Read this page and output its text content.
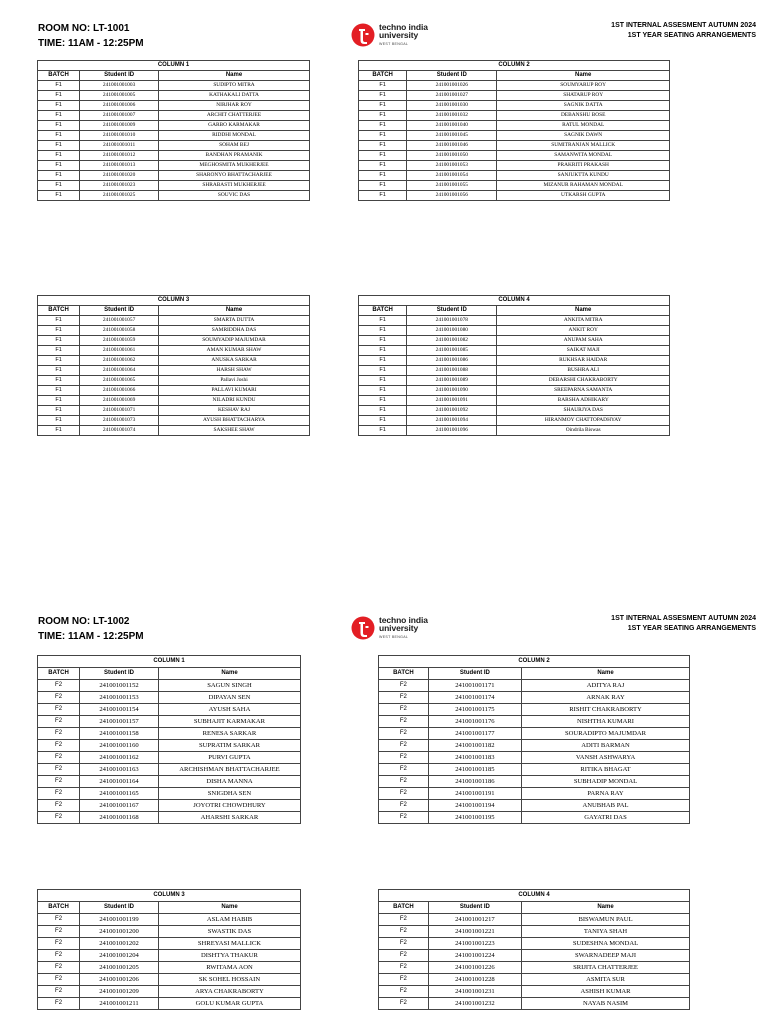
ROOM NO: LT-1001
TIME: 11AM - 12:25PM
techno india
university
WEST BENGAL
1ST INTERNAL ASSESMENT AUTUMN 2024
1ST YEAR SEATING ARRANGEMENTS
COLUMN 1		
BATCH	Student ID	Name
F1	241001001003	SUDIPTO MITRA
F1	241001001005	KATHAKALI DATTA
F1	241001001006	NIRJHAR ROY
F1	241001001007	ARCHIT CHATTERJEE
F1	241001001009	GARBO KARMAKAR
F1	241001001010	RIDDHI MONDAL
F1	241001001011	SOHAM BEJ
F1	241001001012	BANDHAN PRAMANIK
F1	241001001013	MEGHOSMITA MUKHERJEE
F1	241001001020	SHARONYO BHATTACHARJEE
F1	241001001023	SHRABASTI MUKHERJEE
F1	241001001025	SOUVIC DAS
COLUMN 2		
BATCH	Student ID	Name
F1	241001001026	SOUMYARUP ROY
F1	241001001027	SHATARUP ROY
F1	241001001030	SAGNIK DATTA
F1	241001001032	DEBANSHU BOSE
F1	241001001040	RATUL MONDAL
F1	241001001045	SAGNIK DAWN
F1	241001001046	SUMITRANJAN MALLICK
F1	241001001050	SAMANWITA MONDAL
F1	241001001053	PRAKRITI PRAKASH
F1	241001001054	SANJUKTTA KUNDU
F1	241001001055	MIZANUR RAHAMAN MONDAL
F1	241001001056	UTKARSH GUPTA
COLUMN 3		
BATCH	Student ID	Name
F1	241001001057	SMARTA DUTTA
F1	241001001058	SAMRIDDHA DAS
F1	241001001059	SOUMYADIP MAJUMDAR
F1	241001001061	AMAN KUMAR SHAW
F1	241001001062	ANUSKA SARKAR
F1	241001001064	HARSH SHAW
F1	241001001065	Pallavi Joshi
F1	241001001066	PALLAVI KUMARI
F1	241001001069	NILADRI KUNDU
F1	241001001071	KESHAV RAJ
F1	241001001073	AYUSH BHATTACHARYA
F1	241001001074	SAKSHEE SHAW
COLUMN 4		
BATCH	Student ID	Name
F1	241001001078	ANKITA MITRA
F1	241001001080	ANKIT ROY
F1	241001001082	ANUPAM SAHA
F1	241001001085	SAIKAT MAJI
F1	241001001086	RUKHSAR HAIDAR
F1	241001001088	BUSHRA ALI
F1	241001001089	DEBARSHI CHAKRABORTY
F1	241001001090	SREEPARNA SAMANTA
F1	241001001091	BARSHA ADHIKARY
F1	241001001092	SHAURJYA DAS
F1	241001001094	HIRANMOY CHATTOPADHYAY
F1	241001001096	Oindrila Biswas
ROOM NO: LT-1002
TIME: 11AM - 12:25PM
techno india
university
WEST BENGAL
1ST INTERNAL ASSESMENT AUTUMN 2024
1ST YEAR SEATING ARRANGEMENTS
COLUMN 1		
BATCH	Student ID	Name
F2	241001001152	SAGUN SINGH
F2	241001001153	DIPAYAN SEN
F2	241001001154	AYUSH SAHA
F2	241001001157	SUBHAJIT KARMAKAR
F2	241001001158	RENESA SARKAR
F2	241001001160	SUPRATIM SARKAR
F2	241001001162	PURVI GUPTA
F2	241001001163	ARCHISHMAN BHATTACHARJEE
F2	241001001164	DISHA MANNA
F2	241001001165	SNIGDHA SEN
F2	241001001167	JOYOTRI CHOWDHURY
F2	241001001168	AHARSHI SARKAR
COLUMN 2		
BATCH	Student ID	Name
F2	241001001171	ADITYA RAJ
F2	241001001174	ARNAK RAY
F2	241001001175	RISHIT CHAKRABORTY
F2	241001001176	NISHTHA KUMARI
F2	241001001177	SOURADIPTO MAJUMDAR
F2	241001001182	ADITI BARMAN
F2	241001001183	VANSH ASHWARYA
F2	241001001185	RITIKA BHAGAT
F2	241001001186	SUBHADIP MONDAL
F2	241001001191	PARNA RAY
F2	241001001194	ANUBHAB PAL
F2	241001001195	GAYATRI DAS
COLUMN 3		
BATCH	Student ID	Name
F2	241001001199	ASLAM HABIB
F2	241001001200	SWASTIK DAS
F2	241001001202	SHREYASI MALLICK
F2	241001001204	DISHTYA THAKUR
F2	241001001205	RWITAMA AON
F2	241001001206	SK SOHEL HOSSAIN
F2	241001001209	ARYA CHAKRABORTY
F2	241001001211	GOLU KUMAR GUPTA
COLUMN 4		
BATCH	Student ID	Name
F2	241001001217	BISWAMUN PAUL
F2	241001001221	TANIYA SHAH
F2	241001001223	SUDESHNA MONDAL
F2	241001001224	SWARNADEEP MAJI
F2	241001001226	SRIJITA CHATTERJEE
F2	241001001228	ASMITA SUR
F2	241001001231	ASHISH KUMAR
F2	241001001232	NAYAB NASIM
